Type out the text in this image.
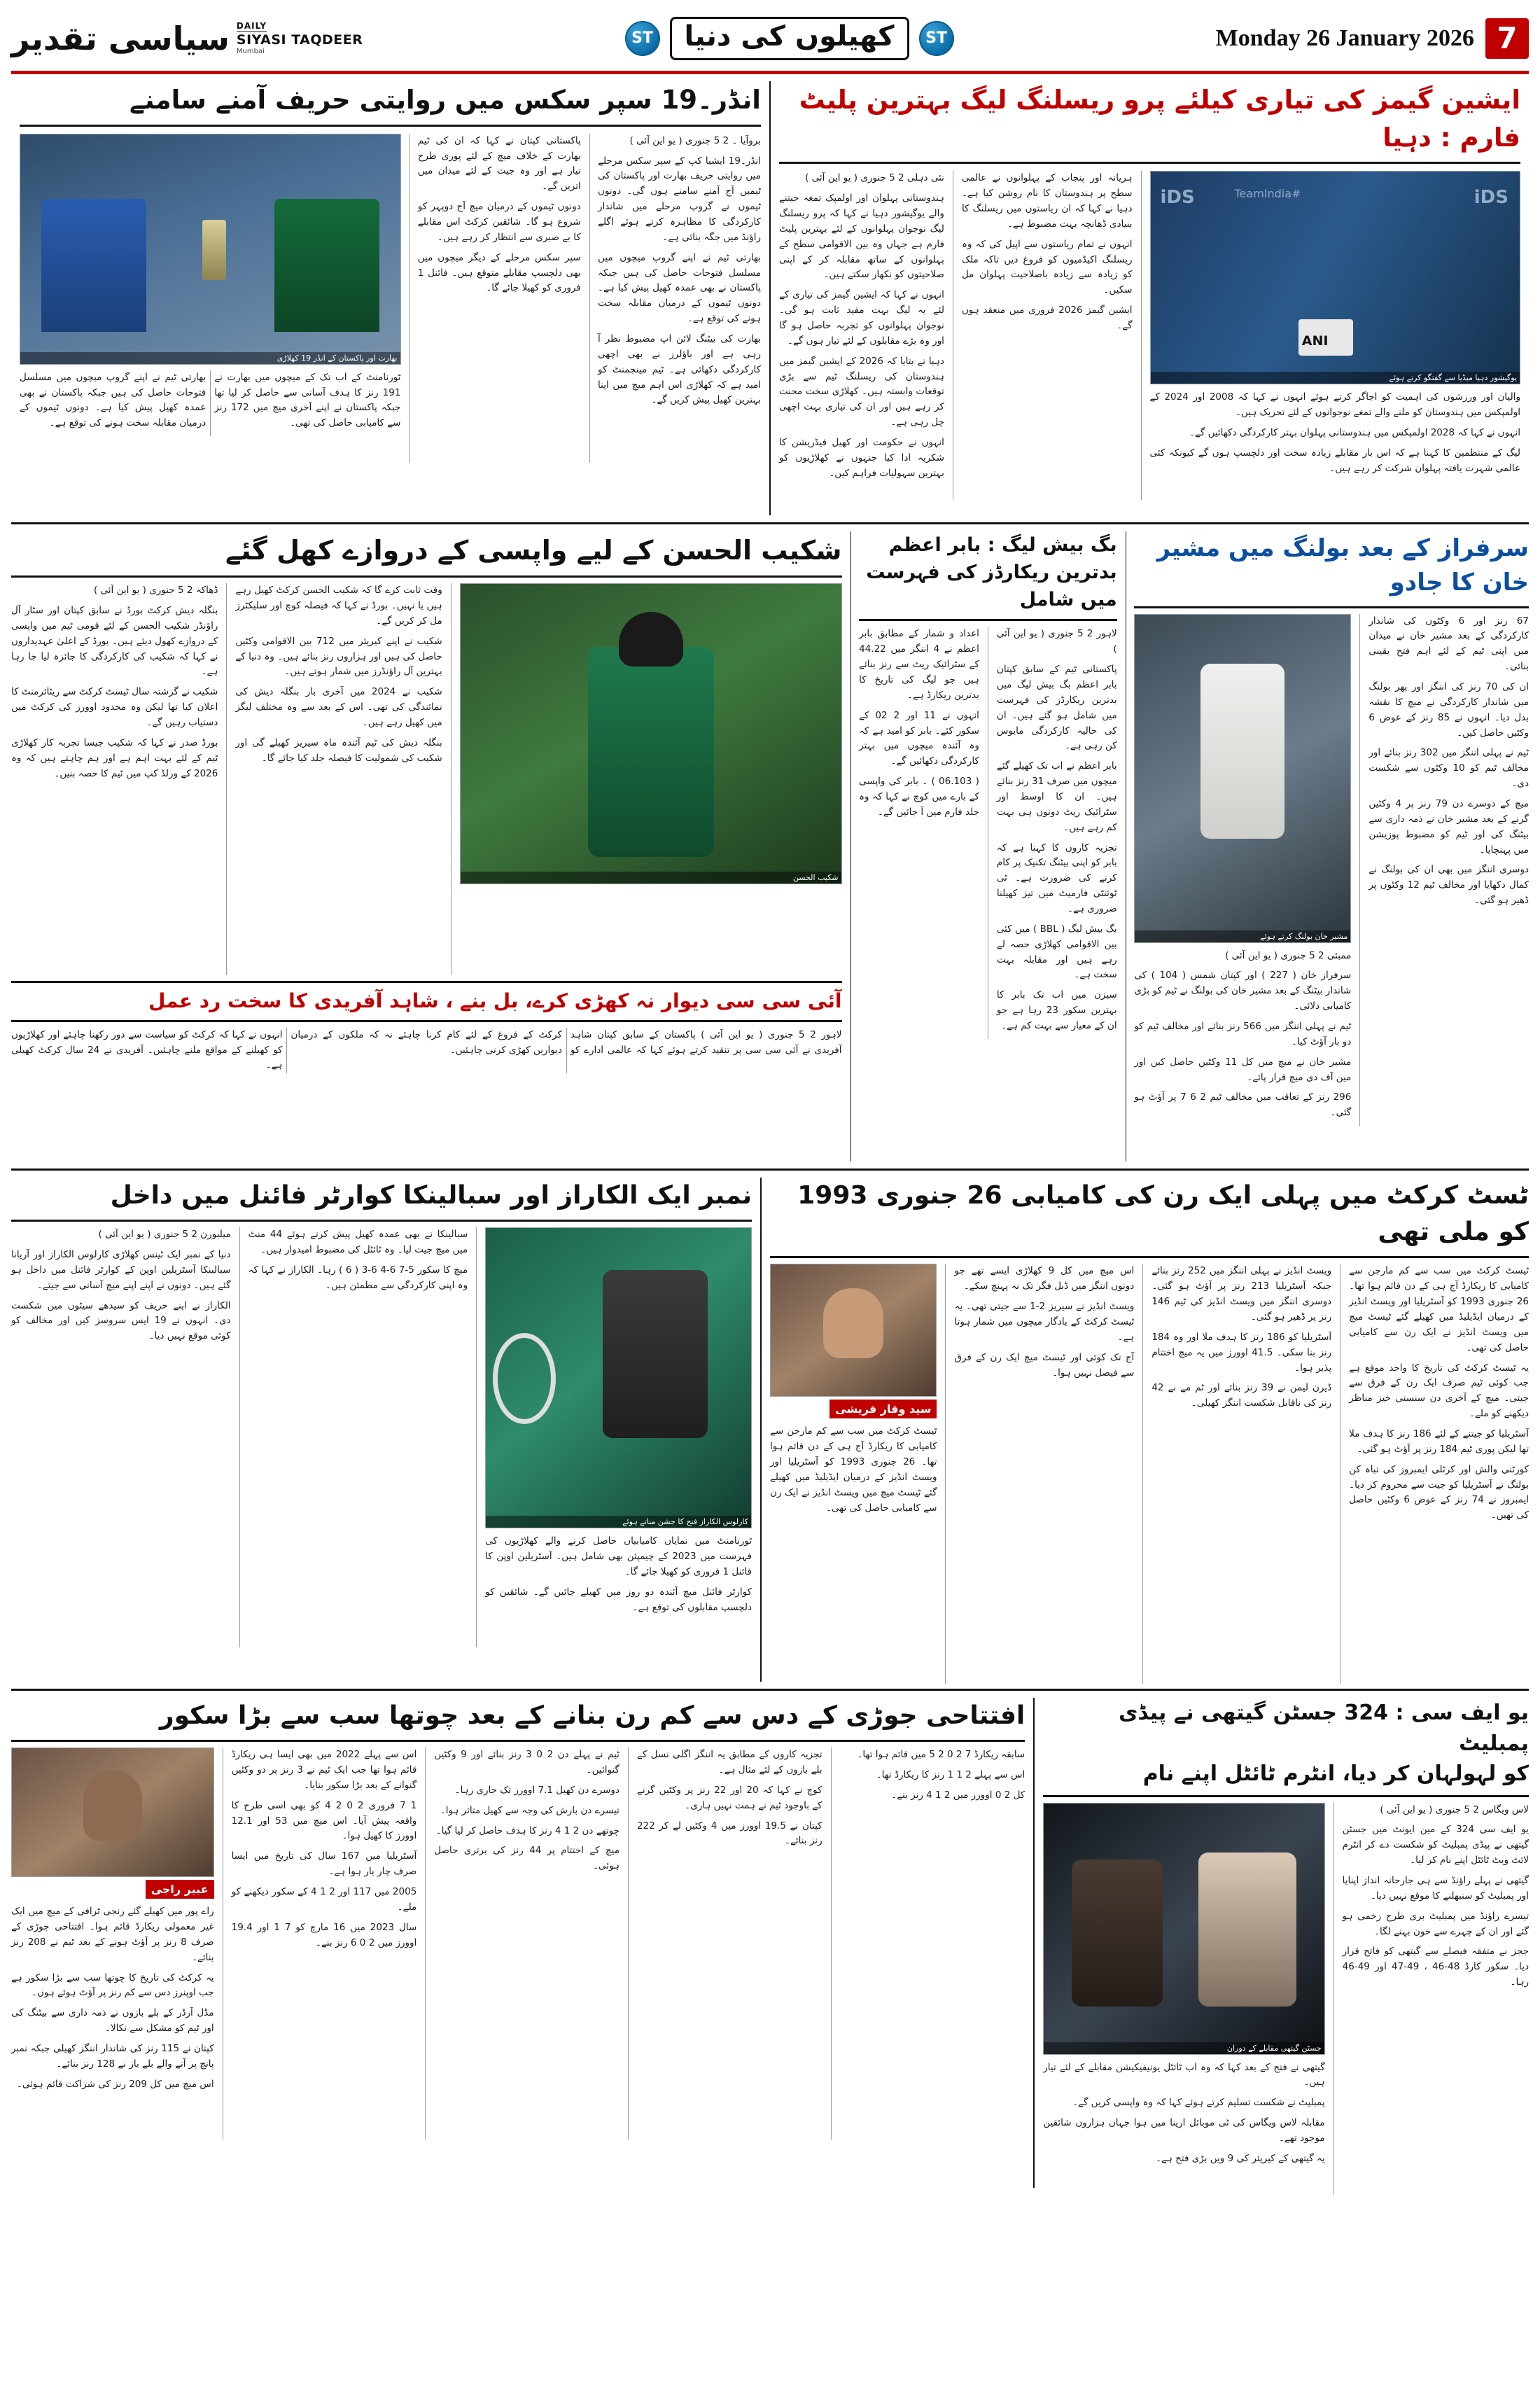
سیاسی تقدیر DAILY
SIYASI TAQDEER
Mumbai
ST	کھیلوں کی دنیا	ST	Monday 26 January 2026 7
ایشین گیمز کی تیاری کیلئے پرو ریسلنگ لیگ بہترین پلیٹ فارم : دہیا
iDS	#TeamIndia	iDS
ANI
یوگیشور دہیا میڈیا سے گفتگو کرتے ہوئے

والیان اور ورزشوں کی اہمیت کو اجاگر کرتے ہوئے انہوں نے کہا کہ 2008 اور 2024 کے اولمپکس میں ہندوستان کو ملنے والے تمغے نوجوانوں کے لئے تحریک ہیں۔

انہوں نے کہا کہ 2028 اولمپکس میں ہندوستانی پہلوان بہتر کارکردگی دکھائیں گے۔

لیگ کے منتظمین کا کہنا ہے کہ اس بار مقابلے زیادہ سخت اور دلچسپ ہوں گے کیونکہ کئی عالمی شہرت یافتہ پہلوان شرکت کر رہے ہیں۔

ہریانہ اور پنجاب کے پہلوانوں نے عالمی سطح پر ہندوستان کا نام روشن کیا ہے۔ دہیا نے کہا کہ ان ریاستوں میں ریسلنگ کا بنیادی ڈھانچہ بہت مضبوط ہے۔

انہوں نے تمام ریاستوں سے اپیل کی کہ وہ ریسلنگ اکیڈمیوں کو فروغ دیں تاکہ ملک کو زیادہ سے زیادہ باصلاحیت پہلوان مل سکیں۔

ایشین گیمز 2026 فروری میں منعقد ہوں گے۔

نئی دہلی 2 5 جنوری ( یو این آئی )

ہندوستانی پہلوان اور اولمپک تمغہ جیتنے والے یوگیشور دہیا نے کہا کہ پرو ریسلنگ لیگ نوجوان پہلوانوں کے لئے بہترین پلیٹ فارم ہے جہاں وہ بین الاقوامی سطح کے پہلوانوں کے ساتھ مقابلہ کر کے اپنی صلاحیتوں کو نکھار سکتے ہیں۔

انہوں نے کہا کہ ایشین گیمز کی تیاری کے لئے یہ لیگ بہت مفید ثابت ہو گی۔ نوجوان پہلوانوں کو تجربہ حاصل ہو گا اور وہ بڑے مقابلوں کے لئے تیار ہوں گے۔

دہیا نے بتایا کہ 2026 کے ایشین گیمز میں ہندوستان کی ریسلنگ ٹیم سے بڑی توقعات وابستہ ہیں۔ کھلاڑی سخت محنت کر رہے ہیں اور ان کی تیاری بہت اچھی چل رہی ہے۔

انہوں نے حکومت اور کھیل فیڈریشن کا شکریہ ادا کیا جنہوں نے کھلاڑیوں کو بہترین سہولیات فراہم کیں۔

انڈر۔19 سپر سکس میں روایتی حریف آمنے سامنے

بروآیا ۔ 2 5 جنوری ( یو این آئی )

انڈر۔19 ایشیا کپ کے سپر سکس مرحلے میں روایتی حریف بھارت اور پاکستان کی ٹیمیں آج آمنے سامنے ہوں گی۔ دونوں ٹیموں نے گروپ مرحلے میں شاندار کارکردگی کا مظاہرہ کرتے ہوئے اگلے راؤنڈ میں جگہ بنائی ہے۔

بھارتی ٹیم نے اپنے گروپ میچوں میں مسلسل فتوحات حاصل کی ہیں جبکہ پاکستان نے بھی عمدہ کھیل پیش کیا ہے۔ دونوں ٹیموں کے درمیان مقابلہ سخت ہونے کی توقع ہے۔

بھارت کی بیٹنگ لائن اپ مضبوط نظر آ رہی ہے اور باؤلرز نے بھی اچھی کارکردگی دکھائی ہے۔ ٹیم مینجمنٹ کو امید ہے کہ کھلاڑی اس اہم میچ میں اپنا بہترین کھیل پیش کریں گے۔

پاکستانی کپتان نے کہا کہ ان کی ٹیم بھارت کے خلاف میچ کے لئے پوری طرح تیار ہے اور وہ جیت کے لئے میدان میں اتریں گے۔

دونوں ٹیموں کے درمیان میچ آج دوپہر کو شروع ہو گا۔ شائقین کرکٹ اس مقابلے کا بے صبری سے انتظار کر رہے ہیں۔

سپر سکس مرحلے کے دیگر میچوں میں بھی دلچسپ مقابلے متوقع ہیں۔ فائنل 1 فروری کو کھیلا جائے گا۔

بھارت اور پاکستان کے انڈر 19 کھلاڑی

ٹورنامنٹ کے اب تک کے میچوں میں بھارت نے 191 رنز کا ہدف آسانی سے حاصل کر لیا تھا جبکہ پاکستان نے اپنے آخری میچ میں 172 رنز سے کامیابی حاصل کی تھی۔

بھارتی ٹیم نے اپنے گروپ میچوں میں مسلسل فتوحات حاصل کی ہیں جبکہ پاکستان نے بھی عمدہ کھیل پیش کیا ہے۔ دونوں ٹیموں کے درمیان مقابلہ سخت ہونے کی توقع ہے۔

سرفراز کے بعد بولنگ میں مشیر خان کا جادو

67 رنز اور 6 وکٹوں کی شاندار کارکردگی کے بعد مشیر خان نے میدان میں اپنی ٹیم کے لئے اہم فتح یقینی بنائی۔

ان کی 70 رنز کی اننگز اور پھر بولنگ میں شاندار کارکردگی نے میچ کا نقشہ بدل دیا۔ انہوں نے 85 رنز کے عوض 6 وکٹیں حاصل کیں۔

ٹیم نے پہلی اننگز میں 302 رنز بنائے اور مخالف ٹیم کو 10 وکٹوں سے شکست دی۔

میچ کے دوسرے دن 79 رنز پر 4 وکٹیں گرنے کے بعد مشیر خان نے ذمہ داری سے بیٹنگ کی اور ٹیم کو مضبوط پوزیشن میں پہنچایا۔

دوسری اننگز میں بھی ان کی بولنگ نے کمال دکھایا اور مخالف ٹیم 12 وکٹوں پر ڈھیر ہو گئی۔

مشیر خان بولنگ کرتے ہوئے

ممبئی 2 5 جنوری ( یو این آئی )

سرفراز خان ( 227 ) اور کپتان شمس ( 104 ) کی شاندار بیٹنگ کے بعد مشیر خان کی بولنگ نے ٹیم کو بڑی کامیابی دلائی۔

ٹیم نے پہلی اننگز میں 566 رنز بنائے اور مخالف ٹیم کو دو بار آؤٹ کیا۔

مشیر خان نے میچ میں کل 11 وکٹیں حاصل کیں اور مین آف دی میچ قرار پائے۔

296 رنز کے تعاقب میں مخالف ٹیم 2 6 7 پر آؤٹ ہو گئی۔

بگ بیش لیگ : بابر اعظم بدترین ریکارڈز کی فہرست میں شامل

لاہور 2 5 جنوری ( یو این آئی )

پاکستانی ٹیم کے سابق کپتان بابر اعظم بگ بیش لیگ میں بدترین ریکارڈز کی فہرست میں شامل ہو گئے ہیں۔ ان کی حالیہ کارکردگی مایوس کن رہی ہے۔

بابر اعظم نے اب تک کھیلے گئے میچوں میں صرف 31 رنز بنائے ہیں۔ ان کا اوسط اور سٹرائیک ریٹ دونوں ہی بہت کم رہے ہیں۔

تجزیہ کاروں کا کہنا ہے کہ بابر کو اپنی بیٹنگ تکنیک پر کام کرنے کی ضرورت ہے۔ ٹی ٹوئنٹی فارمیٹ میں تیز کھیلنا ضروری ہے۔

بگ بیش لیگ ( BBL ) میں کئی بین الاقوامی کھلاڑی حصہ لے رہے ہیں اور مقابلہ بہت سخت ہے۔

سیزن میں اب تک بابر کا بہترین سکور 23 رہا ہے جو ان کے معیار سے بہت کم ہے۔

اعداد و شمار کے مطابق بابر اعظم نے 4 اننگز میں 44.22 کے سٹرائیک ریٹ سے رنز بنائے ہیں جو لیگ کی تاریخ کا بدترین ریکارڈ ہے۔

انہوں نے 11 اور 2 02 کے سکور کئے۔ بابر کو امید ہے کہ وہ آئندہ میچوں میں بہتر کارکردگی دکھائیں گے۔

( 06.103 ) ۔ بابر کی واپسی کے بارے میں کوچ نے کہا کہ وہ جلد فارم میں آ جائیں گے۔

شکیب الحسن کے لیے واپسی کے دروازے کھل گئے
شکیب الحسن

وقت ثابت کرے گا کہ شکیب الحسن کرکٹ کھیل رہے ہیں یا نہیں۔ بورڈ نے کہا کہ فیصلہ کوچ اور سلیکٹرز مل کر کریں گے۔

شکیب نے اپنے کیریئر میں 712 بین الاقوامی وکٹیں حاصل کی ہیں اور ہزاروں رنز بنائے ہیں۔ وہ دنیا کے بہترین آل راؤنڈرز میں شمار ہوتے ہیں۔

شکیب نے 2024 میں آخری بار بنگلہ دیش کی نمائندگی کی تھی۔ اس کے بعد سے وہ مختلف لیگز میں کھیل رہے ہیں۔

بنگلہ دیش کی ٹیم آئندہ ماہ سیریز کھیلے گی اور شکیب کی شمولیت کا فیصلہ جلد کیا جائے گا۔

ڈھاکہ 2 5 جنوری ( یو این آئی )

بنگلہ دیش کرکٹ بورڈ نے سابق کپتان اور سٹار آل راؤنڈر شکیب الحسن کے لئے قومی ٹیم میں واپسی کے دروازے کھول دیئے ہیں۔ بورڈ کے اعلیٰ عہدیداروں نے کہا کہ شکیب کی کارکردگی کا جائزہ لیا جا رہا ہے۔

شکیب نے گزشتہ سال ٹیسٹ کرکٹ سے ریٹائرمنٹ کا اعلان کیا تھا لیکن وہ محدود اوورز کی کرکٹ میں دستیاب رہیں گے۔

بورڈ صدر نے کہا کہ شکیب جیسا تجربہ کار کھلاڑی ٹیم کے لئے بہت اہم ہے اور ہم چاہتے ہیں کہ وہ 2026 کے ورلڈ کپ میں ٹیم کا حصہ بنیں۔

آئی سی سی دیوار نہ کھڑی کرے، بل بنے ، شاہد آفریدی کا سخت رد عمل

لاہور 2 5 جنوری ( یو این آئی ) پاکستان کے سابق کپتان شاہد آفریدی نے آئی سی سی پر تنقید کرتے ہوئے کہا کہ عالمی ادارے کو کرکٹ کے فروغ کے لئے کام کرنا چاہئے نہ کہ ملکوں کے درمیان دیواریں کھڑی کرنی چاہئیں۔

انہوں نے کہا کہ کرکٹ کو سیاست سے دور رکھنا چاہئے اور کھلاڑیوں کو کھیلنے کے مواقع ملنے چاہئیں۔ آفریدی نے 24 سال کرکٹ کھیلی ہے۔

ٹسٹ کرکٹ میں پہلی ایک رن کی کامیابی 26 جنوری 1993 کو ملی تھی

ٹیسٹ کرکٹ میں سب سے کم مارجن سے کامیابی کا ریکارڈ آج ہی کے دن قائم ہوا تھا۔ 26 جنوری 1993 کو آسٹریلیا اور ویسٹ انڈیز کے درمیان ایڈیلیڈ میں کھیلے گئے ٹیسٹ میچ میں ویسٹ انڈیز نے ایک رن سے کامیابی حاصل کی تھی۔

یہ ٹیسٹ کرکٹ کی تاریخ کا واحد موقع ہے جب کوئی ٹیم صرف ایک رن کے فرق سے جیتی۔ میچ کے آخری دن سنسنی خیز مناظر دیکھنے کو ملے۔

آسٹریلیا کو جیتنے کے لئے 186 رنز کا ہدف ملا تھا لیکن پوری ٹیم 184 رنز پر آؤٹ ہو گئی۔

کورٹنی والش اور کرٹلی ایمبروز کی تباہ کن بولنگ نے آسٹریلیا کو جیت سے محروم کر دیا۔ ایمبروز نے 74 رنز کے عوض 6 وکٹیں حاصل کی تھیں۔

ویسٹ انڈیز نے پہلی اننگز میں 252 رنز بنائے جبکہ آسٹریلیا 213 رنز پر آؤٹ ہو گئی۔ دوسری اننگز میں ویسٹ انڈیز کی ٹیم 146 رنز پر ڈھیر ہو گئی۔

آسٹریلیا کو 186 رنز کا ہدف ملا اور وہ 184 رنز بنا سکی۔ 41.5 اوورز میں یہ میچ اختتام پذیر ہوا۔

ڈیرن لیمن نے 39 رنز بنائے اور ٹم مے نے 42 رنز کی ناقابل شکست اننگز کھیلی۔

اس میچ میں کل 9 کھلاڑی ایسے تھے جو دونوں اننگز میں ڈبل فگر تک نہ پہنچ سکے۔

ویسٹ انڈیز نے سیریز 2-1 سے جیتی تھی۔ یہ ٹیسٹ کرکٹ کے یادگار میچوں میں شمار ہوتا ہے۔

آج تک کوئی اور ٹیسٹ میچ ایک رن کے فرق سے فیصل نہیں ہوا۔

سید وقار قریشی

ٹیسٹ کرکٹ میں سب سے کم مارجن سے کامیابی کا ریکارڈ آج ہی کے دن قائم ہوا تھا۔ 26 جنوری 1993 کو آسٹریلیا اور ویسٹ انڈیز کے درمیان ایڈیلیڈ میں کھیلے گئے ٹیسٹ میچ میں ویسٹ انڈیز نے ایک رن سے کامیابی حاصل کی تھی۔

نمبر ایک الکاراز اور سبالینکا کوارٹر فائنل میں داخل
کارلوس الکاراز فتح کا جشن مناتے ہوئے

ٹورنامنٹ میں نمایاں کامیابیاں حاصل کرنے والے کھلاڑیوں کی فہرست میں 2023 کے چیمپئن بھی شامل ہیں۔ آسٹریلین اوپن کا فائنل 1 فروری کو کھیلا جائے گا۔

کوارٹر فائنل میچ آئندہ دو روز میں کھیلے جائیں گے۔ شائقین کو دلچسپ مقابلوں کی توقع ہے۔

سبالینکا نے بھی عمدہ کھیل پیش کرتے ہوئے 44 منٹ میں میچ جیت لیا۔ وہ ٹائٹل کی مضبوط امیدوار ہیں۔

میچ کا سکور 5-7 6-4 6-3 ( 6 ) رہا۔ الکاراز نے کہا کہ وہ اپنی کارکردگی سے مطمئن ہیں۔

میلبورن 2 5 جنوری ( یو این آئی )

دنیا کے نمبر ایک ٹینس کھلاڑی کارلوس الکاراز اور آریانا سبالینکا آسٹریلین اوپن کے کوارٹر فائنل میں داخل ہو گئے ہیں۔ دونوں نے اپنے اپنے میچ آسانی سے جیتے۔

الکاراز نے اپنے حریف کو سیدھے سیٹوں میں شکست دی۔ انہوں نے 19 ایس سروسز کیں اور مخالف کو کوئی موقع نہیں دیا۔

یو ایف سی : 324 جسٹن گیتھی نے پیڈی پمبلیٹ
کو لہولہان کر دیا، انٹرم ٹائٹل اپنے نام

لاس ویگاس 2 5 جنوری ( یو این آئی )

یو ایف سی 324 کے مین ایونٹ میں جسٹن گیتھی نے پیڈی پمبلیٹ کو شکست دے کر انٹرم لائٹ ویٹ ٹائٹل اپنے نام کر لیا۔

گیتھی نے پہلے راؤنڈ سے ہی جارحانہ انداز اپنایا اور پمبلیٹ کو سنبھلنے کا موقع نہیں دیا۔

تیسرے راؤنڈ میں پمبلیٹ بری طرح زخمی ہو گئے اور ان کے چہرے سے خون بہنے لگا۔

ججز نے متفقہ فیصلے سے گیتھی کو فاتح قرار دیا۔ سکور کارڈ 48-46 ، 49-47 اور 49-46 رہا۔

جسٹن گیتھی مقابلے کے دوران

گیتھی نے فتح کے بعد کہا کہ وہ اب ٹائٹل یونیفیکیشن مقابلے کے لئے تیار ہیں۔

پمبلیٹ نے شکست تسلیم کرتے ہوئے کہا کہ وہ واپسی کریں گے۔

مقابلہ لاس ویگاس کی ٹی موبائل ارینا میں ہوا جہاں ہزاروں شائقین موجود تھے۔

یہ گیتھی کے کیریئر کی 9 ویں بڑی فتح ہے۔

افتتاحی جوڑی کے دس سے کم رن بنانے کے بعد چوتھا سب سے بڑا سکور

سابقہ ریکارڈ 7 2 0 2 5 میں قائم ہوا تھا۔

اس سے پہلے 2 1 1 رنز کا ریکارڈ تھا۔

کل 2 0 اوورز میں 2 1 4 رنز بنے۔

تجزیہ کاروں کے مطابق یہ اننگز اگلی نسل کے بلے بازوں کے لئے مثال ہے۔

کوچ نے کہا کہ 20 اور 22 رنز پر وکٹیں گرنے کے باوجود ٹیم نے ہمت نہیں ہاری۔

کپتان نے 19.5 اوورز میں 4 وکٹیں لے کر 222 رنز بنائے۔

ٹیم نے پہلے دن 2 0 3 رنز بنائے اور 9 وکٹیں گنوائیں۔

دوسرے دن کھیل 7.1 اوورز تک جاری رہا۔

تیسرے دن بارش کی وجہ سے کھیل متاثر ہوا۔

چوتھے دن 2 1 4 رنز کا ہدف حاصل کر لیا گیا۔

میچ کے اختتام پر 44 رنز کی برتری حاصل ہوئی۔

اس سے پہلے 2022 میں بھی ایسا ہی ریکارڈ قائم ہوا تھا جب ایک ٹیم نے 3 رنز پر دو وکٹیں گنوانے کے بعد بڑا سکور بنایا۔

1 7 فروری 2 0 2 4 کو بھی اسی طرح کا واقعہ پیش آیا۔ اس میچ میں 53 اور 12.1 اوورز کا کھیل ہوا۔

آسٹریلیا میں 167 سال کی تاریخ میں ایسا صرف چار بار ہوا ہے۔

2005 میں 117 اور 2 1 4 کے سکور دیکھنے کو ملے۔

سال 2023 میں 16 مارچ کو 7 1 اور 19.4 اوورز میں 2 0 6 رنز بنے۔

عبیر راجی

راے پور میں کھیلے گئے رنجی ٹرافی کے میچ میں ایک غیر معمولی ریکارڈ قائم ہوا۔ افتتاحی جوڑی کے صرف 8 رنز پر آؤٹ ہونے کے بعد ٹیم نے 208 رنز بنائے۔

یہ کرکٹ کی تاریخ کا چوتھا سب سے بڑا سکور ہے جب اوپنرز دس سے کم رنز پر آؤٹ ہوئے ہوں۔

مڈل آرڈر کے بلے بازوں نے ذمہ داری سے بیٹنگ کی اور ٹیم کو مشکل سے نکالا۔

کپتان نے 115 رنز کی شاندار اننگز کھیلی جبکہ نمبر پانچ پر آنے والے بلے باز نے 128 رنز بنائے۔

اس میچ میں کل 209 رنز کی شراکت قائم ہوئی۔
